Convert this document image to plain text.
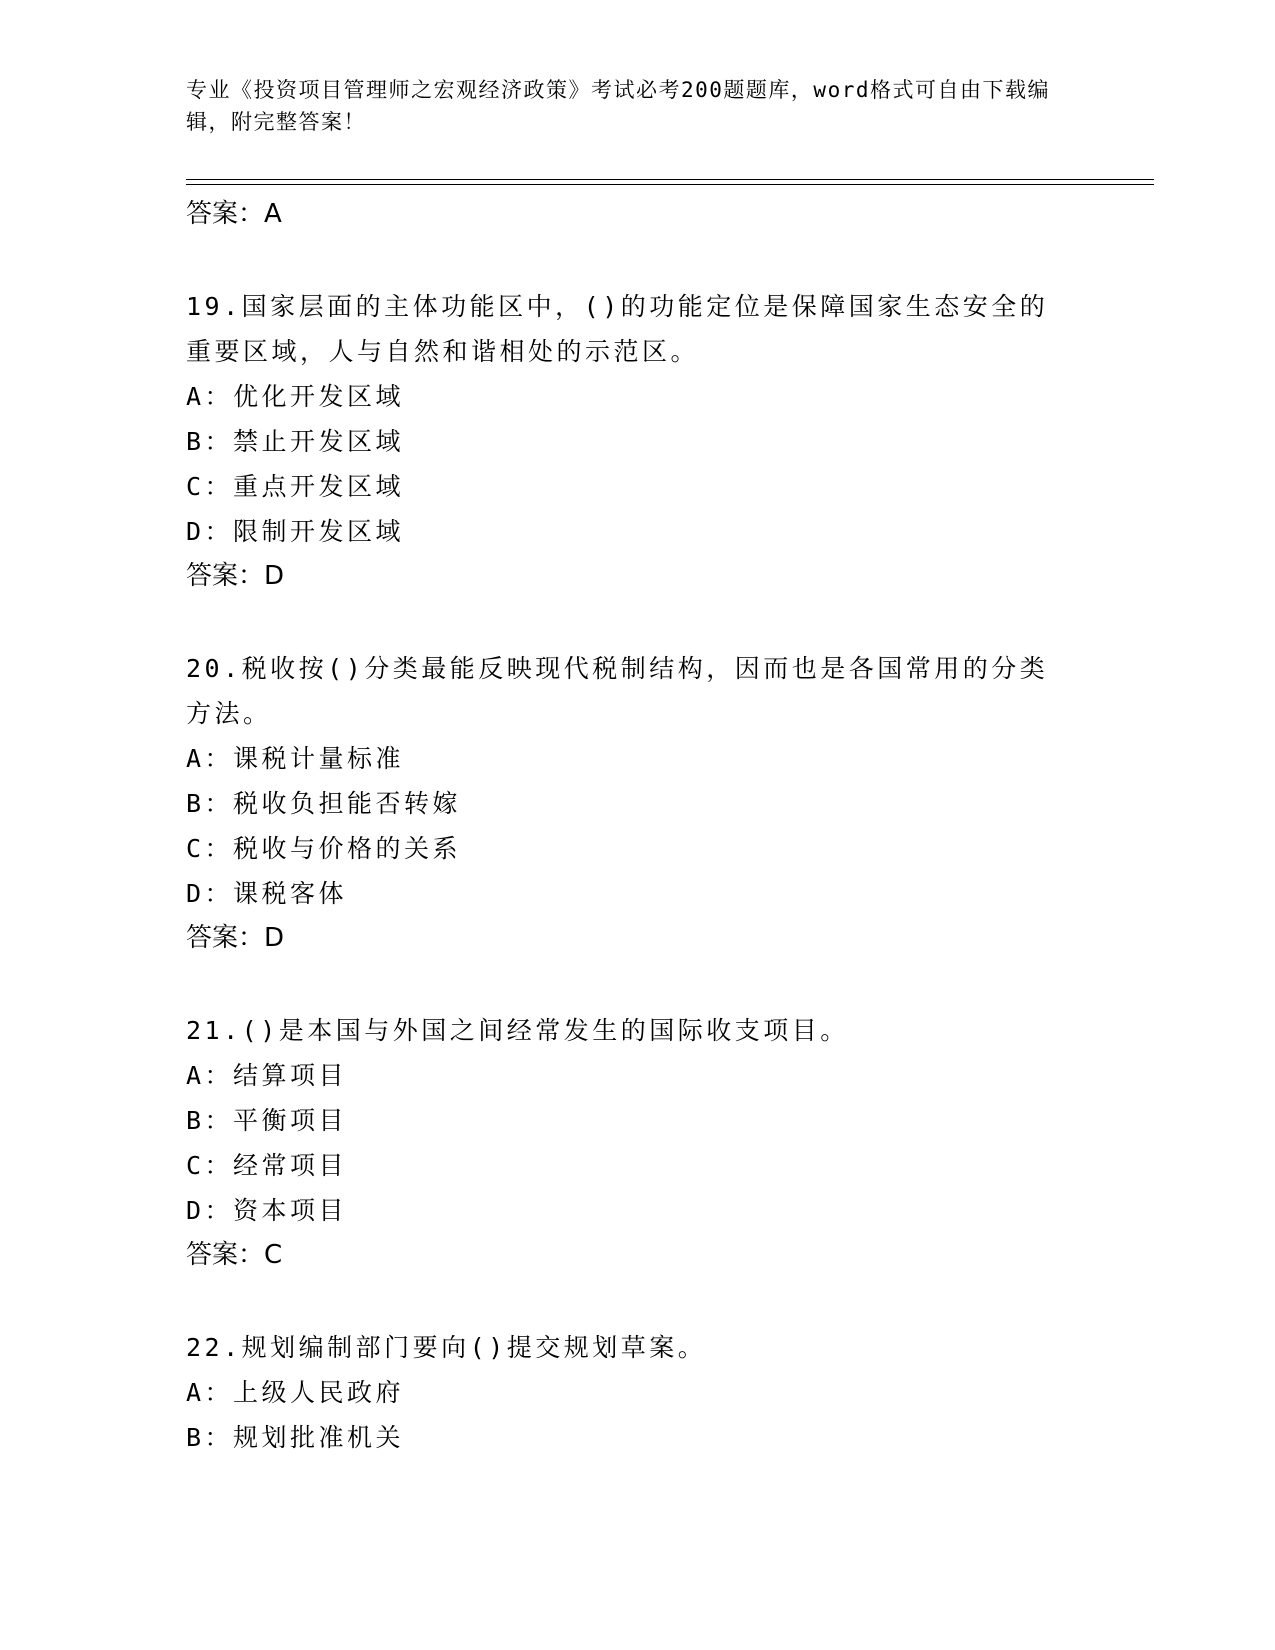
专业《投资项目管理师之宏观经济政策》考试必考200题题库，word格式可自由下载编辑，附完整答案！
答案：A
19.国家层面的主体功能区中，()的功能定位是保障国家生态安全的重要区域，人与自然和谐相处的示范区。
A：优化开发区域
B：禁止开发区域
C：重点开发区域
D：限制开发区域
答案：D
20.税收按()分类最能反映现代税制结构，因而也是各国常用的分类方法。
A：课税计量标准
B：税收负担能否转嫁
C：税收与价格的关系
D：课税客体
答案：D
21.()是本国与外国之间经常发生的国际收支项目。
A：结算项目
B：平衡项目
C：经常项目
D：资本项目
答案：C
22.规划编制部门要向()提交规划草案。
A：上级人民政府
B：规划批准机关
